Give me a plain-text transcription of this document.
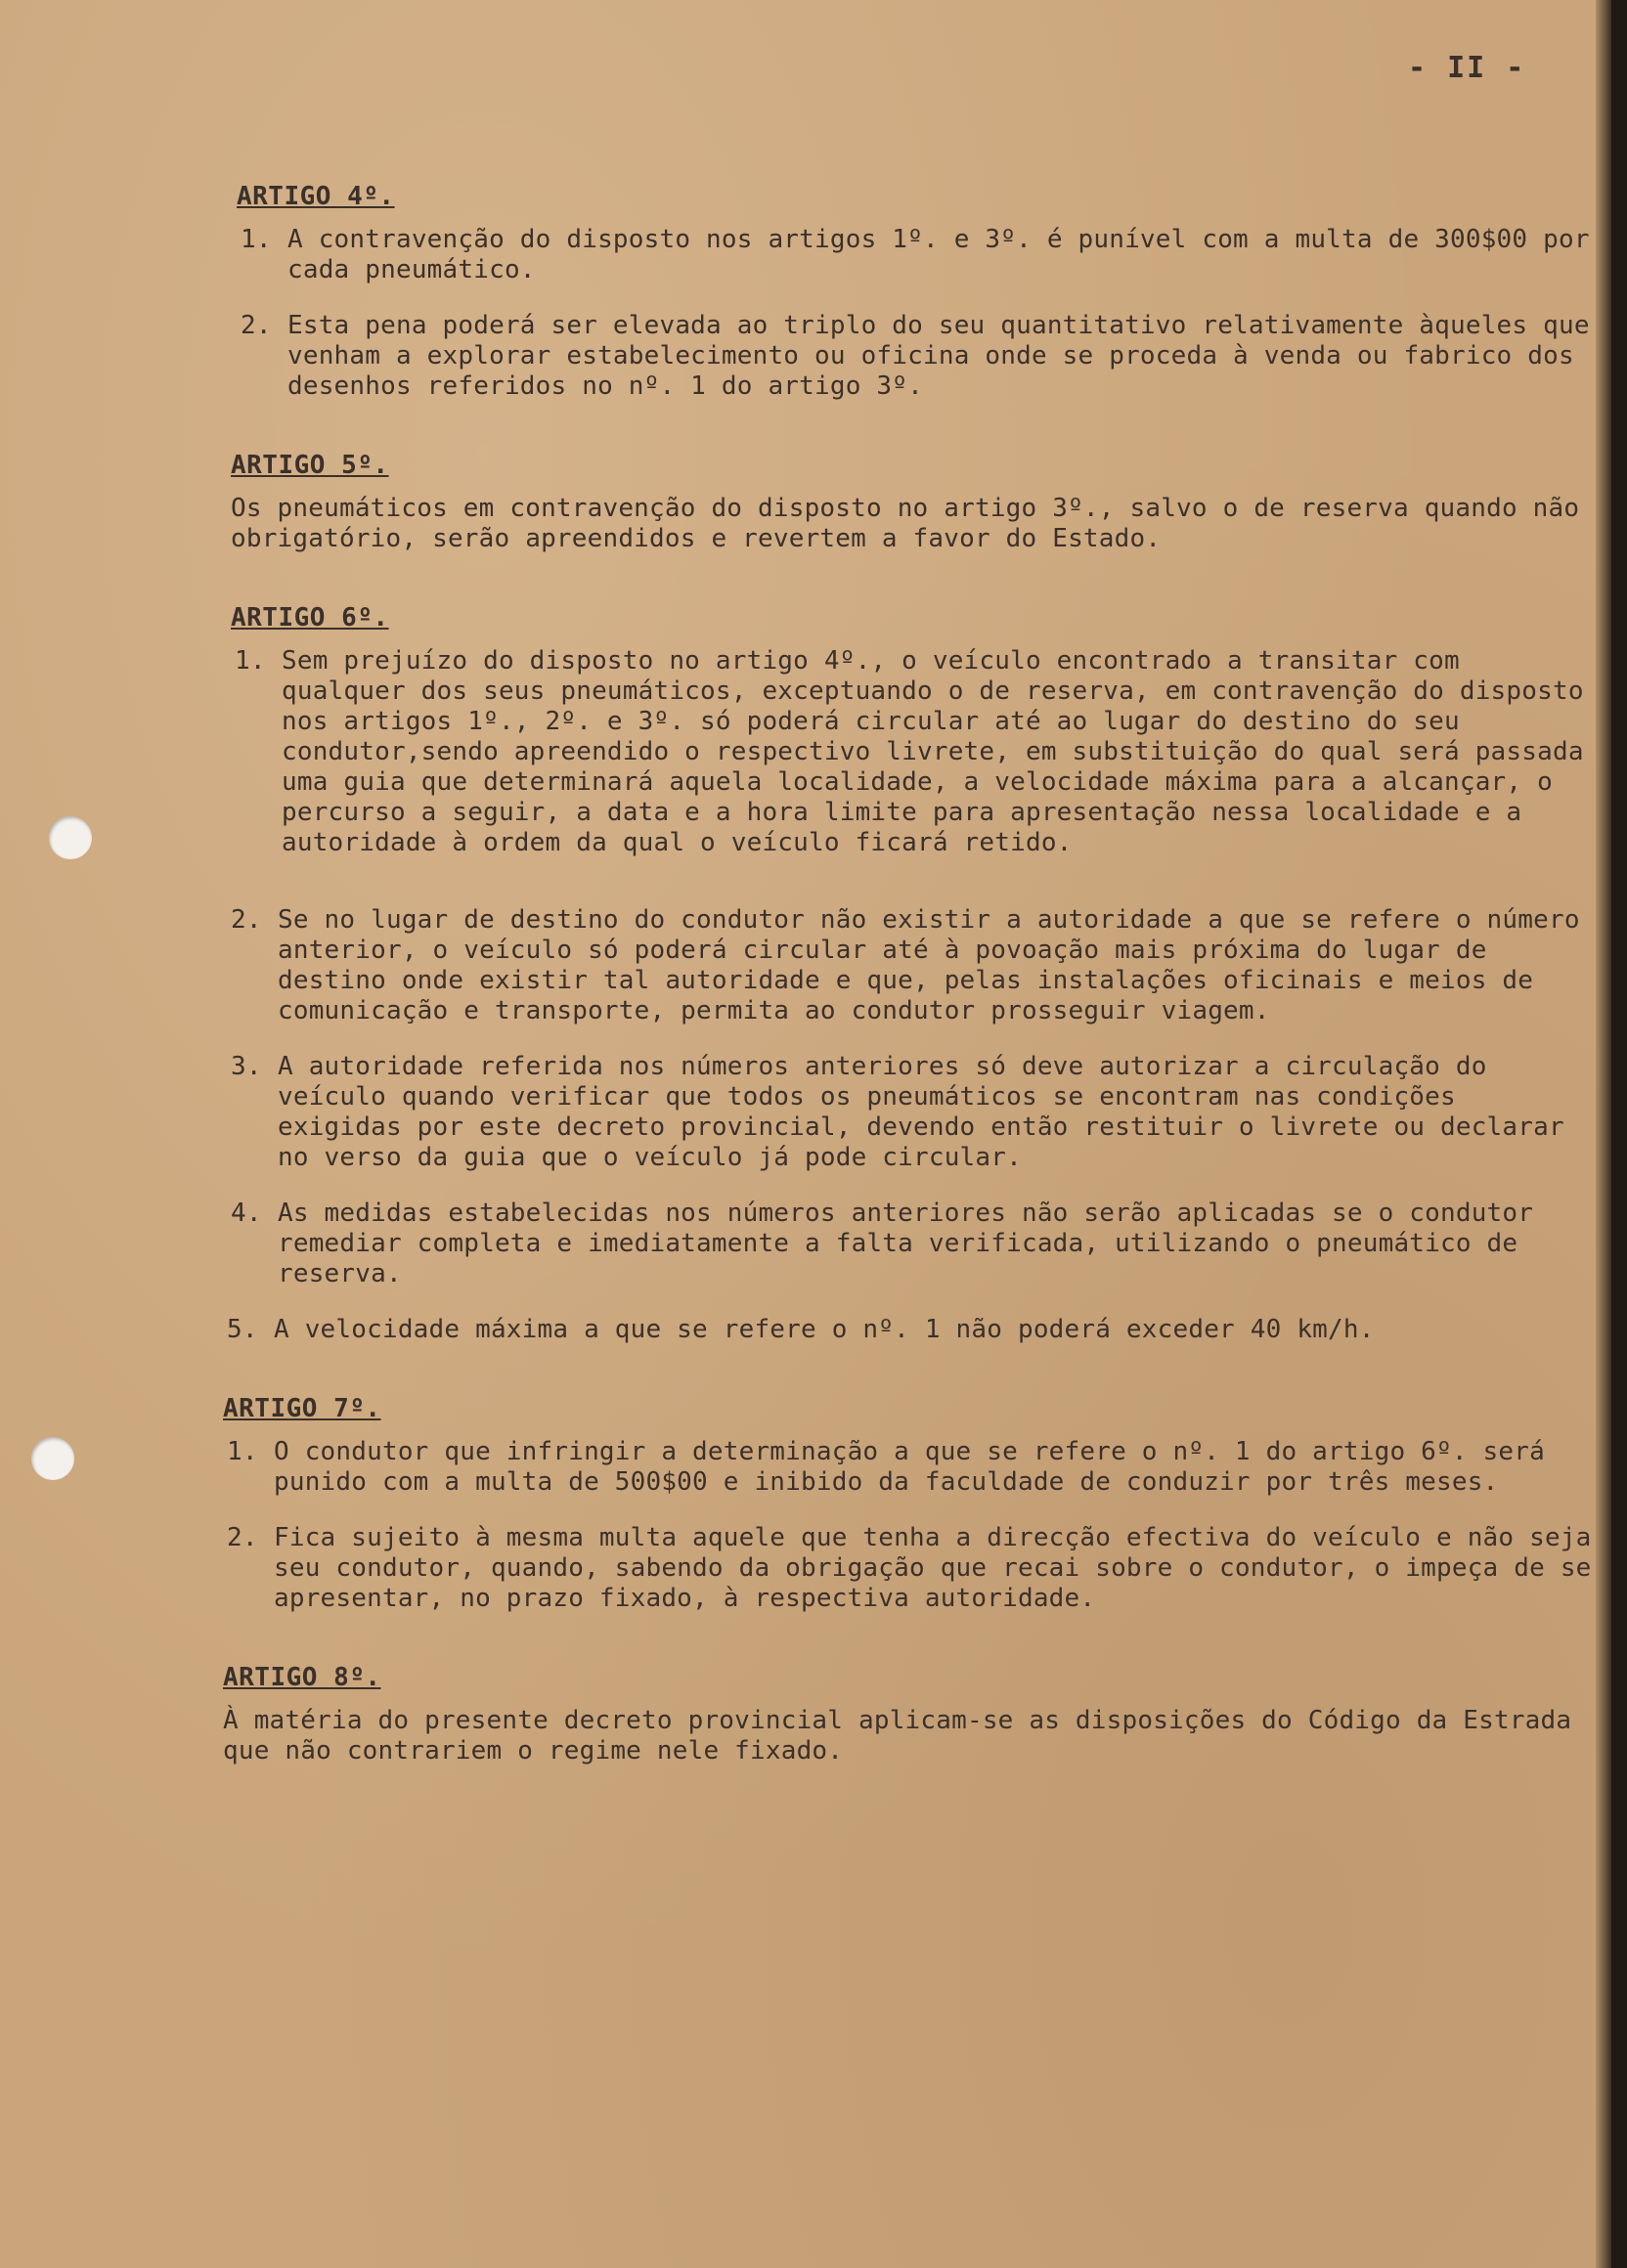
- II -
ARTIGO 4º.
1. A contravenção do disposto nos artigos 1º. e 3º. é punível com a multa de 300$00 por cada pneumático.
2. Esta pena poderá ser elevada ao triplo do seu quantitativo relativamente àqueles que venham a explorar estabelecimento ou oficina onde se proceda à venda ou fabrico dos desenhos referidos no nº. 1 do artigo 3º.
ARTIGO 5º.
Os pneumáticos em contravenção do disposto no artigo 3º., salvo o de reserva quando não obrigatório, serão apreendidos e revertem a favor do Estado.
ARTIGO 6º.
1. Sem prejuízo do disposto no artigo 4º., o veículo encontrado a transitar com qualquer dos seus pneumáticos, exceptuando o de reserva, em contravenção do disposto nos artigos 1º., 2º. e 3º. só poderá circular até ao lugar do destino do seu condutor,sendo apreendido o respectivo livrete, em substituição do qual será passada uma guia que determinará aquela localidade, a velocidade máxima para a alcançar, o percurso a seguir, a data e a hora limite para apresentação nessa localidade e a autoridade à ordem da qual o veículo ficará retido.
2. Se no lugar de destino do condutor não existir a autoridade a que se refere o número anterior, o veículo só poderá circular até à povoação mais próxima do lugar de destino onde existir tal autoridade e que, pelas instalações oficinais e meios de comunicação e transporte, permita ao condutor prosseguir viagem.
3. A autoridade referida nos números anteriores só deve autorizar a circulação do veículo quando verificar que todos os pneumáticos se encontram nas condições exigidas por este decreto provincial, devendo então restituir o livrete ou declarar no verso da guia que o veículo já pode circular.
4. As medidas estabelecidas nos números anteriores não serão aplicadas se o condutor remediar completa e imediatamente a falta verificada, utilizando o pneumático de reserva.
5. A velocidade máxima a que se refere o nº. 1 não poderá exceder 40 km/h.
ARTIGO 7º.
1. O condutor que infringir a determinação a que se refere o nº. 1 do artigo 6º. será punido com a multa de 500$00 e inibido da faculdade de conduzir por três meses.
2. Fica sujeito à mesma multa aquele que tenha a direcção efectiva do veículo e não seja seu condutor, quando, sabendo da obrigação que recai sobre o condutor, o impeça de se apresentar, no prazo fixado, à respectiva autoridade.
ARTIGO 8º.
À matéria do presente decreto provincial aplicam-se as disposições do Código da Estrada que não contrariem o regime nele fixado.
